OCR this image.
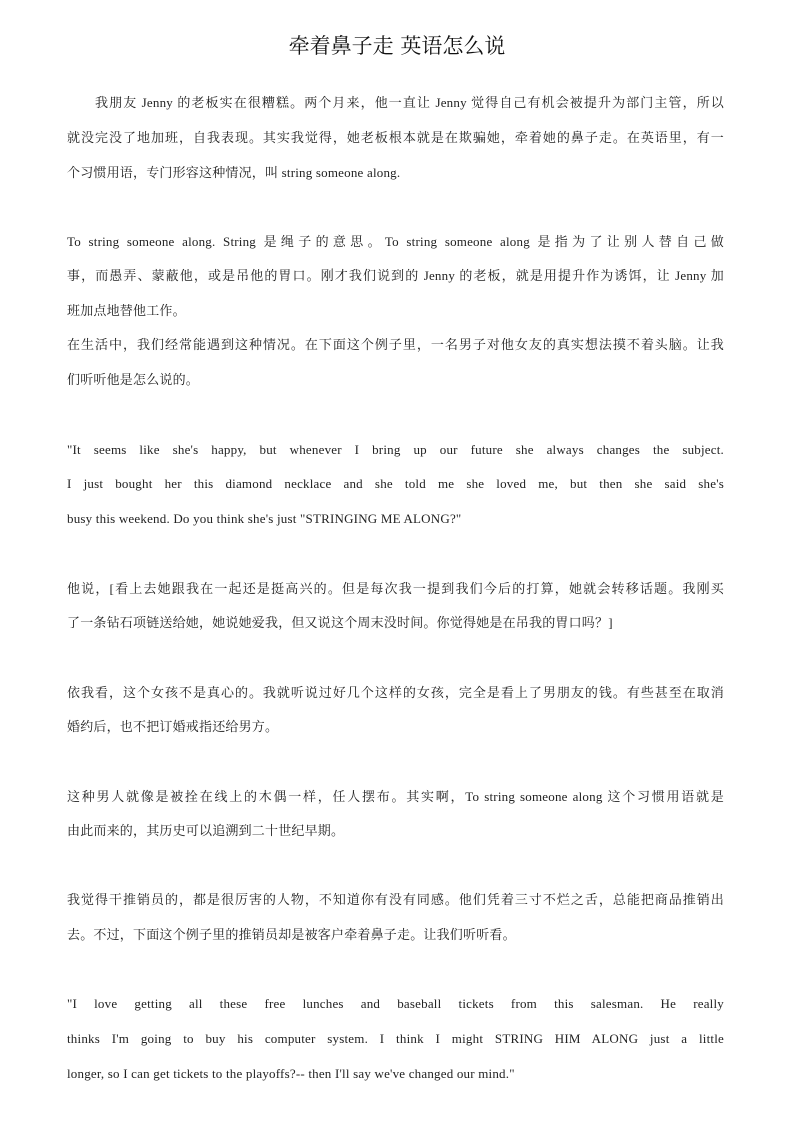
牵着鼻子走 英语怎么说
我朋友 Jenny 的老板实在很糟糕。两个月来，他一直让 Jenny 觉得自己有机会被提升为部门主管，所以
就没完没了地加班，自我表现。其实我觉得，她老板根本就是在欺骗她，牵着她的鼻子走。在英语里，有一
个习惯用语，专门形容这种情况，叫 string someone along.
To string someone along. String 是绳子的意思。To string someone along 是指为了让别人替自己做
事，而愚弄、蒙蔽他，或是吊他的胃口。刚才我们说到的 Jenny 的老板，就是用提升作为诱饵，让 Jenny 加
班加点地替他工作。
在生活中，我们经常能遇到这种情况。在下面这个例子里，一名男子对他女友的真实想法摸不着头脑。让我
们听听他是怎么说的。
"It seems like she's happy, but whenever I bring up our future she always changes the subject.
I just bought her this diamond necklace and she told me she loved me, but then she said she's
busy this weekend. Do you think she's just "STRINGING ME ALONG?"
他说，[看上去她跟我在一起还是挺高兴的。但是每次我一提到我们今后的打算，她就会转移话题。我刚买
了一条钻石项链送给她，她说她爱我，但又说这个周末没时间。你觉得她是在吊我的胃口吗？]
依我看，这个女孩不是真心的。我就听说过好几个这样的女孩，完全是看上了男朋友的钱。有些甚至在取消
婚约后，也不把订婚戒指还给男方。
这种男人就像是被拴在线上的木偶一样，任人摆布。其实啊，To string someone along 这个习惯用语就是
由此而来的，其历史可以追溯到二十世纪早期。
我觉得干推销员的，都是很厉害的人物，不知道你有没有同感。他们凭着三寸不烂之舌，总能把商品推销出
去。不过，下面这个例子里的推销员却是被客户牵着鼻子走。让我们听听看。
"I love getting all these free lunches and baseball tickets from this salesman. He really
thinks I'm going to buy his computer system. I think I might STRING HIM ALONG just a little
longer, so I can get tickets to the playoffs?-- then I'll say we've changed our mind."
